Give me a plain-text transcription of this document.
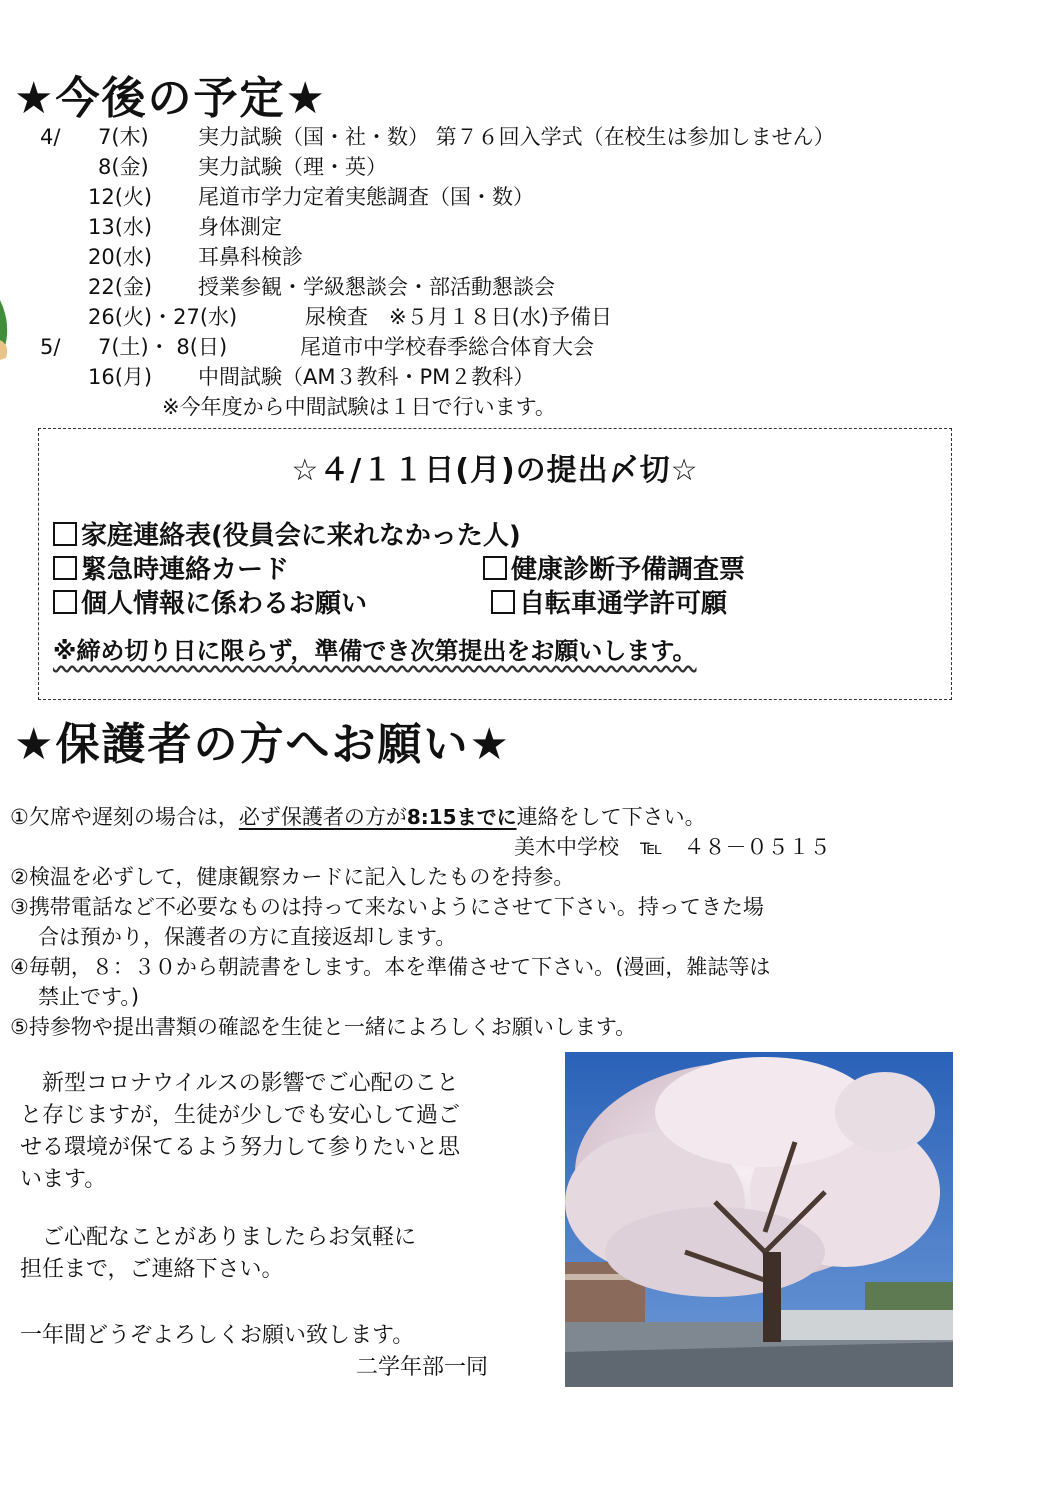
★今後の予定★
4/ 7(木) 実力試験（国・社・数） 第７６回入学式（在校生は参加しません）
8(金) 実力試験（理・英）
12(火) 尾道市学力定着実態調査（国・数）
13(水) 身体測定
20(水) 耳鼻科検診
22(金) 授業参観・学級懇談会・部活動懇談会
26(火)・27(水)	尿検査　※５月１８日(水)予備日
5/ 7(土)・ 8(日)	尾道市中学校春季総合体育大会
16(月) 中間試験（AM３教科・PM２教科）
※今年度から中間試験は１日で行います。
☆４/１１日(月)の提出〆切☆
家庭連絡表(役員会に来れなかった人)
緊急時連絡カード	健康診断予備調査票
個人情報に係わるお願い	自転車通学許可願
※締め切り日に限らず，準備でき次第提出をお願いします。
★保護者の方へお願い★
①欠席や遅刻の場合は，必ず保護者の方が8:15までに連絡をして下さい。
美木中学校　℡　４８－０５１５
②検温を必ずして，健康観察カードに記入したものを持参。
③携帯電話など不必要なものは持って来ないようにさせて下さい。持ってきた場
合は預かり，保護者の方に直接返却します。
④毎朝，８：３０から朝読書をします。本を準備させて下さい。(漫画，雑誌等は
禁止です。)
⑤持参物や提出書類の確認を生徒と一緒によろしくお願いします。
　新型コロナウイルスの影響でご心配のこと
と存じますが，生徒が少しでも安心して過ご
せる環境が保てるよう努力して参りたいと思
います。
　ご心配なことがありましたらお気軽に
担任まで，ご連絡下さい。
一年間どうぞよろしくお願い致します。
二学年部一同
